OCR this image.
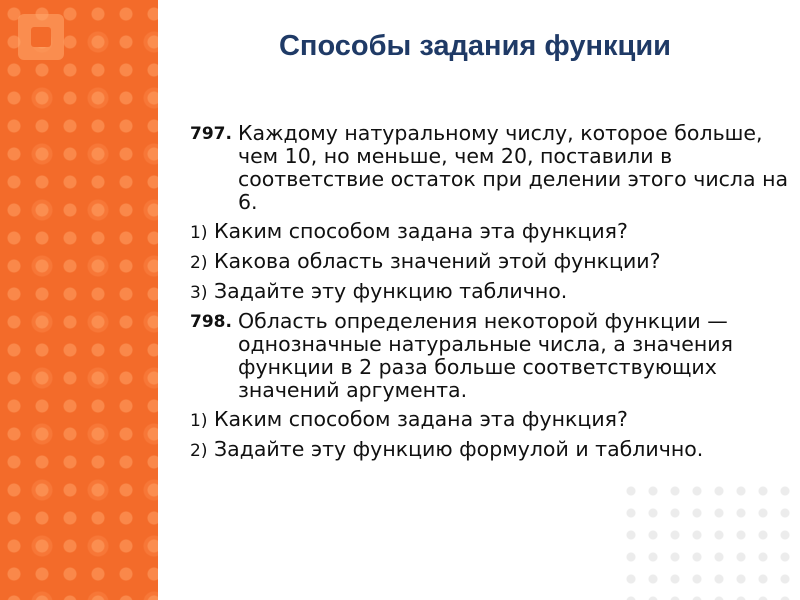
Способы задания функции
797. Каждому натуральному числу, которое больше, чем 10, но меньше, чем 20, поставили в соответствие остаток при делении этого числа на 6.
1) Каким способом задана эта функция?
2) Какова область значений этой функции?
3) Задайте эту функцию таблично.
798. Область определения некоторой функции — однозначные натуральные числа, а значения функции в 2 раза больше соответствующих значений аргумента.
1) Каким способом задана эта функция?
2) Задайте эту функцию формулой и таблично.
